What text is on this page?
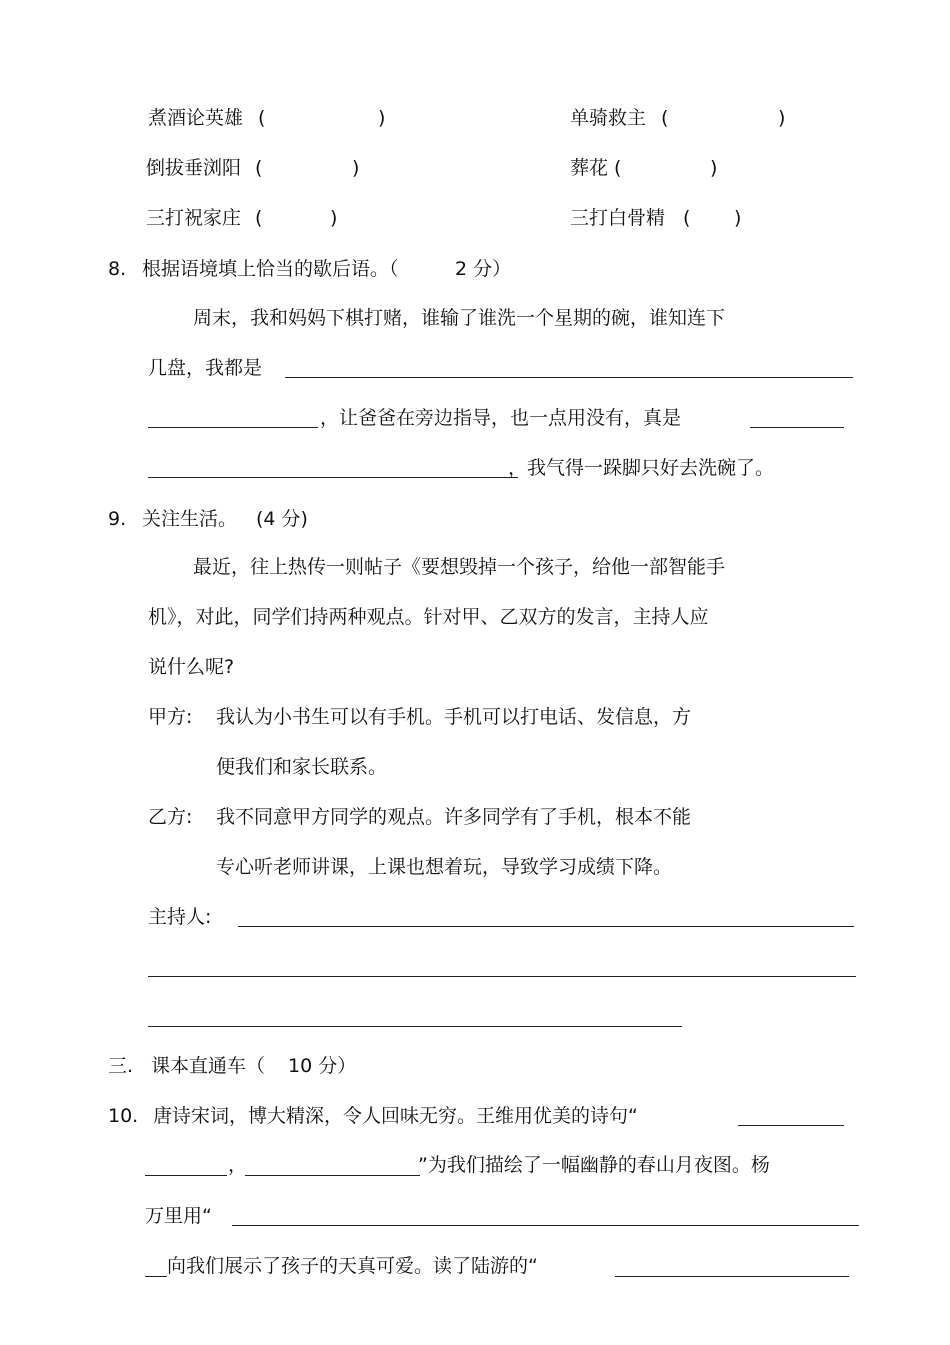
煮酒论英雄 (	)	单骑救主 (	)
倒拔垂浏阳 (	)	葬花 (	)
三打祝家庄 (	)	三打白骨精 ( )
8. 根据语境填上恰当的歇后语。（	2 分）
周末，我和妈妈下棋打赌，谁输了谁洗一个星期的碗，谁知连下
几盘，我都是
，让爸爸在旁边指导，也一点用没有，真是
，我气得一跺脚只好去洗碗了。
9. 关注生活。 (4 分)
最近，往上热传一则帖子《要想毁掉一个孩子，给他一部智能手
机》，对此，同学们持两种观点。针对甲、乙双方的发言，主持人应
说什么呢?
甲方: 我认为小书生可以有手机。手机可以打电话、发信息，方
便我们和家长联系。
乙方: 我不同意甲方同学的观点。许多同学有了手机，根本不能
专心听老师讲课，上课也想着玩，导致学习成绩下降。
主持人:
三. 课本直通车（ 10 分）
10. 唐诗宋词，博大精深，令人回味无穷。王维用优美的诗句“
，	”为我们描绘了一幅幽静的春山月夜图。杨
万里用“
向我们展示了孩子的天真可爱。读了陆游的“
